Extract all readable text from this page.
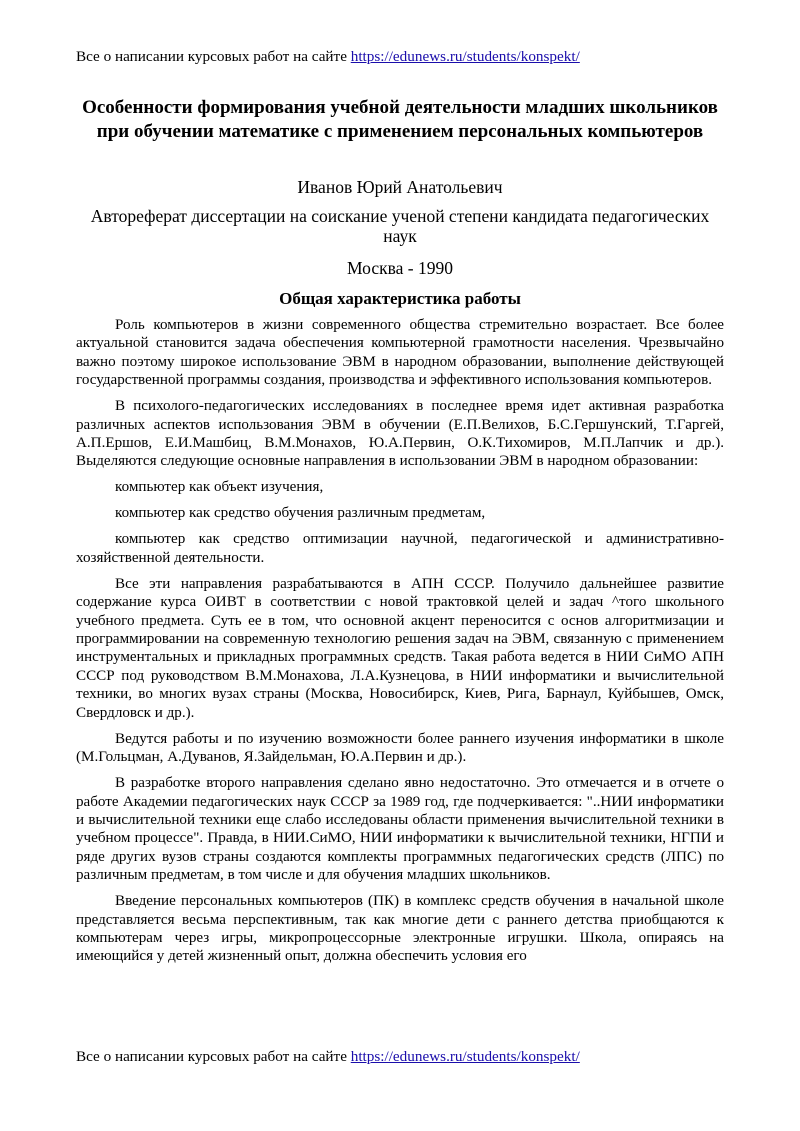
Все о написании курсовых работ на сайте https://edunews.ru/students/konspekt/
Особенности формирования учебной деятельности младших школьников при обучении математике с применением персональных компьютеров
Иванов Юрий Анатольевич
Автореферат диссертации на соискание ученой степени кандидата педагогических наук
Москва - 1990
Общая характеристика работы

Роль компьютеров в жизни современного общества стремительно возрастает. Все более актуальной становится задача обеспечения компьютерной грамотности населения. Чрезвычайно важно поэтому широкое использование ЭВМ в народном образовании, выполнение действующей государственной программы создания, производства и эффективного использования компьютеров.

В психолого-педагогических исследованиях в последнее время идет активная разработка различных аспектов использования ЭВМ в обучении (Е.П.Велихов, Б.С.Гершунский, Т.Гаргей, А.П.Ершов, Е.И.Машбиц, В.М.Монахов, Ю.А.Первин, О.К.Тихомиров, М.П.Лапчик и др.). Выделяются следующие основные направления в использовании ЭВМ в народном образовании:

компьютер как объект изучения,

компьютер как средство обучения различным предметам,

компьютер как средство оптимизации научной, педагогической и административно-хозяйственной деятельности.

Все эти направления разрабатываются в АПН СССР. Получило дальнейшее развитие содержание курса ОИВТ в соответствии с новой трактовкой целей и задач ^того школьного учебного предмета. Суть ее в том, что основной акцент переносится с основ алгоритмизации и программировании на современную технологию решения задач на ЭВМ, связанную с применением инструментальных и прикладных программных средств. Такая работа ведется в НИИ СиМО АПН СССР под руководством В.М.Монахова, Л.А.Кузнецова, в НИИ информатики и вычислительной техники, во многих вузах страны (Москва, Новосибирск, Киев, Рига, Барнаул, Куйбышев, Омск, Свердловск и др.).

Ведутся работы и по изучению возможности более раннего изучения информатики в школе (М.Гольцман, А.Дуванов, Я.Зайдельман, Ю.А.Первин и др.).

В разработке второго направления сделано явно недостаточно. Это отмечается и в отчете о работе Академии педагогических наук СССР за 1989 год, где подчеркивается: "..НИИ информатики и вычислительной техники еще слабо исследованы области применения вычислительной техники в учебном процессе". Правда, в НИИ.СиМО, НИИ информатики к вычислительной техники, НГПИ и ряде других вузов страны создаются комплекты программных педагогических средств (ЛПС) по различным предметам, в том числе и для обучения младших школьников.

Введение персональных компьютеров (ПК) в комплекс средств обучения в начальной школе представляется весьма перспективным, так как многие дети с раннего детства приобщаются к компьютерам через игры, микропроцессорные электронные игрушки. Школа, опираясь на имеющийся у детей жизненный опыт, должна обеспечить условия его

Все о написании курсовых работ на сайте https://edunews.ru/students/konspekt/
